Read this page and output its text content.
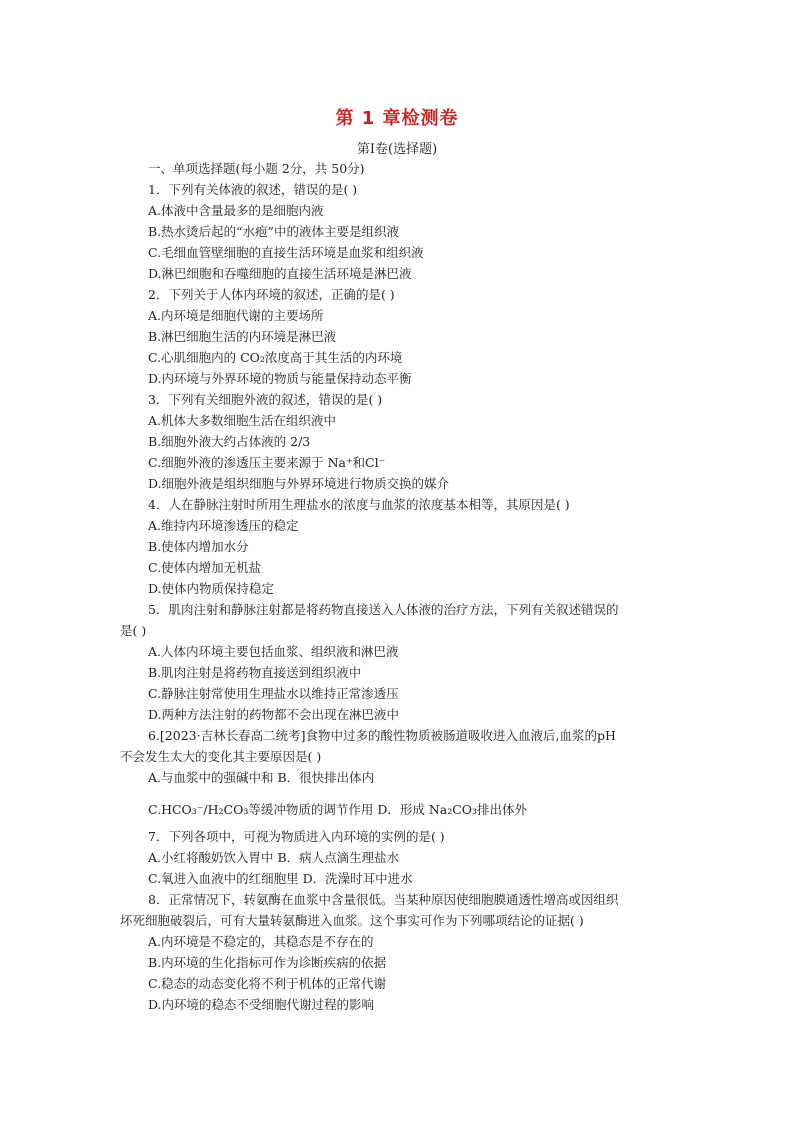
第 1 章检测卷
第Ⅰ卷(选择题)
一、单项选择题(每小题 2分，共 50分)
1．下列有关体液的叙述，错误的是( )
A.体液中含量最多的是细胞内液
B.热水烫后起的“水疱”中的液体主要是组织液
C.毛细血管壁细胞的直接生活环境是血浆和组织液
D.淋巴细胞和吞噬细胞的直接生活环境是淋巴液
2．下列关于人体内环境的叙述，正确的是( )
A.内环境是细胞代谢的主要场所
B.淋巴细胞生活的内环境是淋巴液
C.心肌细胞内的 CO₂浓度高于其生活的内环境
D.内环境与外界环境的物质与能量保持动态平衡
3．下列有关细胞外液的叙述，错误的是( )
A.机体大多数细胞生活在组织液中
B.细胞外液大约占体液的 2/3
C.细胞外液的渗透压主要来源于 Na⁺和Cl⁻
D.细胞外液是组织细胞与外界环境进行物质交换的媒介
4．人在静脉注射时所用生理盐水的浓度与血浆的浓度基本相等，其原因是( )
A.维持内环境渗透压的稳定
B.使体内增加水分
C.使体内增加无机盐
D.使体内物质保持稳定
5．肌肉注射和静脉注射都是将药物直接送入人体液的治疗方法，下列有关叙述错误的
是( )
A.人体内环境主要包括血浆、组织液和淋巴液
B.肌肉注射是将药物直接送到组织液中
C.静脉注射常使用生理盐水以维持正常渗透压
D.两种方法注射的药物都不会出现在淋巴液中
6.[2023·吉林长春高二统考]食物中过多的酸性物质被肠道吸收进入血液后,血浆的pH
不会发生太大的变化其主要原因是( )
A.与血浆中的强碱中和 B．很快排出体内
C.HCO₃⁻/H₂CO₃等缓冲物质的调节作用 D．形成 Na₂CO₃排出体外
7．下列各项中，可视为物质进入内环境的实例的是( )
A.小红将酸奶饮入胃中 B．病人点滴生理盐水
C.氧进入血液中的红细胞里 D．洗澡时耳中进水
8．正常情况下，转氨酶在血浆中含量很低。当某种原因使细胞膜通透性增高或因组织
坏死细胞破裂后，可有大量转氨酶进入血浆。这个事实可作为下列哪项结论的证据( )
A.内环境是不稳定的，其稳态是不存在的
B.内环境的生化指标可作为诊断疾病的依据
C.稳态的动态变化将不利于机体的正常代谢
D.内环境的稳态不受细胞代谢过程的影响
